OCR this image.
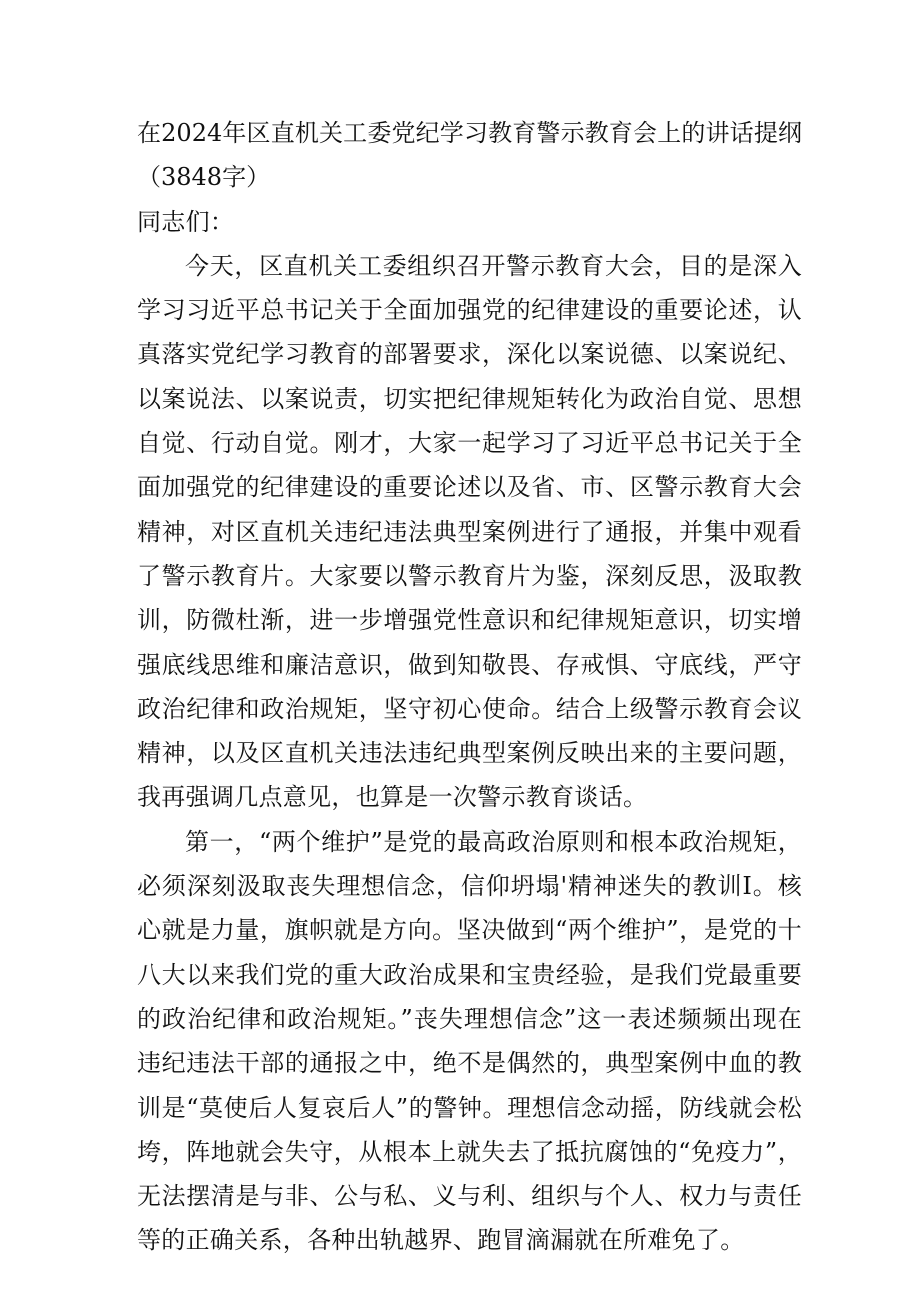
在2024年区直机关工委党纪学习教育警示教育会上的讲话提纲（3848字）

同志们：

今天，区直机关工委组织召开警示教育大会，目的是深入学习习近平总书记关于全面加强党的纪律建设的重要论述，认真落实党纪学习教育的部署要求，深化以案说德、以案说纪、以案说法、以案说责，切实把纪律规矩转化为政治自觉、思想自觉、行动自觉。刚才，大家一起学习了习近平总书记关于全面加强党的纪律建设的重要论述以及省、市、区警示教育大会精神，对区直机关违纪违法典型案例进行了通报，并集中观看了警示教育片。大家要以警示教育片为鉴，深刻反思，汲取教训，防微杜渐，进一步增强党性意识和纪律规矩意识，切实增强底线思维和廉洁意识，做到知敬畏、存戒惧、守底线，严守政治纪律和政治规矩，坚守初心使命。结合上级警示教育会议精神，以及区直机关违法违纪典型案例反映出来的主要问题，我再强调几点意见，也算是一次警示教育谈话。

第一，“两个维护”是党的最高政治原则和根本政治规矩，必须深刻汲取丧失理想信念，信仰坍塌'精神迷失的教训I。核心就是力量，旗帜就是方向。坚决做到“两个维护”，是党的十八大以来我们党的重大政治成果和宝贵经验，是我们党最重要的政治纪律和政治规矩。”丧失理想信念”这一表述频频出现在违纪违法干部的通报之中，绝不是偶然的，典型案例中血的教训是“莫使后人复哀后人”的警钟。理想信念动摇，防线就会松垮，阵地就会失守，从根本上就失去了抵抗腐蚀的“免疫力”，无法摆清是与非、公与私、义与利、组织与个人、权力与责任等的正确关系，各种出轨越界、跑冒滴漏就在所难免了。
